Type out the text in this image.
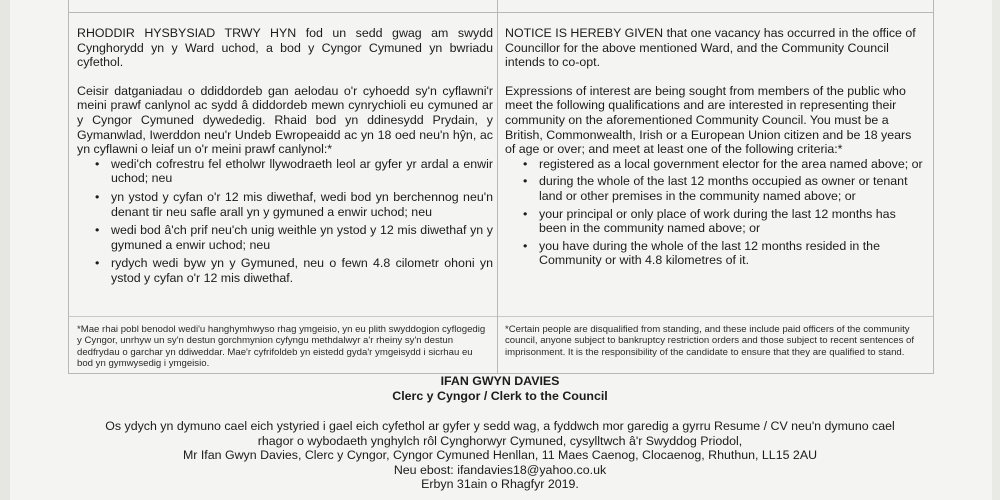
RHODDIR HYSBYSIAD TRWY HYN fod un sedd gwag am swydd Cynghorydd yn y Ward uchod, a bod y Cyngor Cymuned yn bwriadu cyfethol.

Ceisir datganiadau o ddiddordeb gan aelodau o'r cyhoedd sy'n cyflawni'r meini prawf canlynol ac sydd â diddordeb mewn cynrychioli eu cymuned ar y Cyngor Cymuned dywededig. Rhaid bod yn ddinesydd Prydain, y Gymanwlad, Iwerddon neu'r Undeb Ewropeaidd ac yn 18 oed neu'n hŷn, ac yn cyflawni o leiaf un o'r meini prawf canlynol:*

• wedi'ch cofrestru fel etholwr llywodraeth leol ar gyfer yr ardal a enwir uchod; neu
• yn ystod y cyfan o'r 12 mis diwethaf, wedi bod yn berchennog neu'n denant tir neu safle arall yn y gymuned a enwir uchod; neu
• wedi bod â'ch prif neu'ch unig weithle yn ystod y 12 mis diwethaf yn y gymuned a enwir uchod; neu
• rydych wedi byw yn y Gymuned, neu o fewn 4.8 cilometr ohoni yn ystod y cyfan o'r 12 mis diwethaf.

NOTICE IS HEREBY GIVEN that one vacancy has occurred in the office of Councillor for the above mentioned Ward, and the Community Council intends to co-opt.

Expressions of interest are being sought from members of the public who meet the following qualifications and are interested in representing their community on the aforementioned Community Council. You must be a British, Commonwealth, Irish or a European Union citizen and be 18 years of age or over; and meet at least one of the following criteria:*

• registered as a local government elector for the area named above; or
• during the whole of the last 12 months occupied as owner or tenant land or other premises in the community named above; or
• your principal or only place of work during the last 12 months has been in the community named above; or
• you have during the whole of the last 12 months resided in the Community or with 4.8 kilometres of it.
*Mae rhai pobl benodol wedi'u hanghymhwyso rhag ymgeisio, yn eu plith swyddogion cyflogedig y Cyngor, unrhyw un sy'n destun gorchmynion cyfyngu methdalwyr a'r rheiny sy'n destun dedfrydau o garchar yn ddiweddar. Mae'r cyfrifoldeb yn eistedd gyda'r ymgeisydd i sicrhau eu bod yn gymwysedig i ymgeisio.
*Certain people are disqualified from standing, and these include paid officers of the community council, anyone subject to bankruptcy restriction orders and those subject to recent sentences of imprisonment. It is the responsibility of the candidate to ensure that they are qualified to stand.
IFAN GWYN DAVIES
Clerc y Cyngor / Clerk to the Council

Os ydych yn dymuno cael eich ystyried i gael eich cyfethol ar gyfer y sedd wag, a fyddwch mor garedig a gyrru Resume / CV neu'n dymuno cael rhagor o wybodaeth ynghylch rôl Cynghorwyr Cymuned, cysylltwch â'r Swyddog Priodol,

Mr Ifan Gwyn Davies, Clerc y Cyngor, Cyngor Cymuned Henllan, 11 Maes Caenog, Clocaenog, Rhuthun, LL15 2AU

Neu ebost: ifandavies18@yahoo.co.uk

Erbyn 31ain o Rhagfyr 2019.
